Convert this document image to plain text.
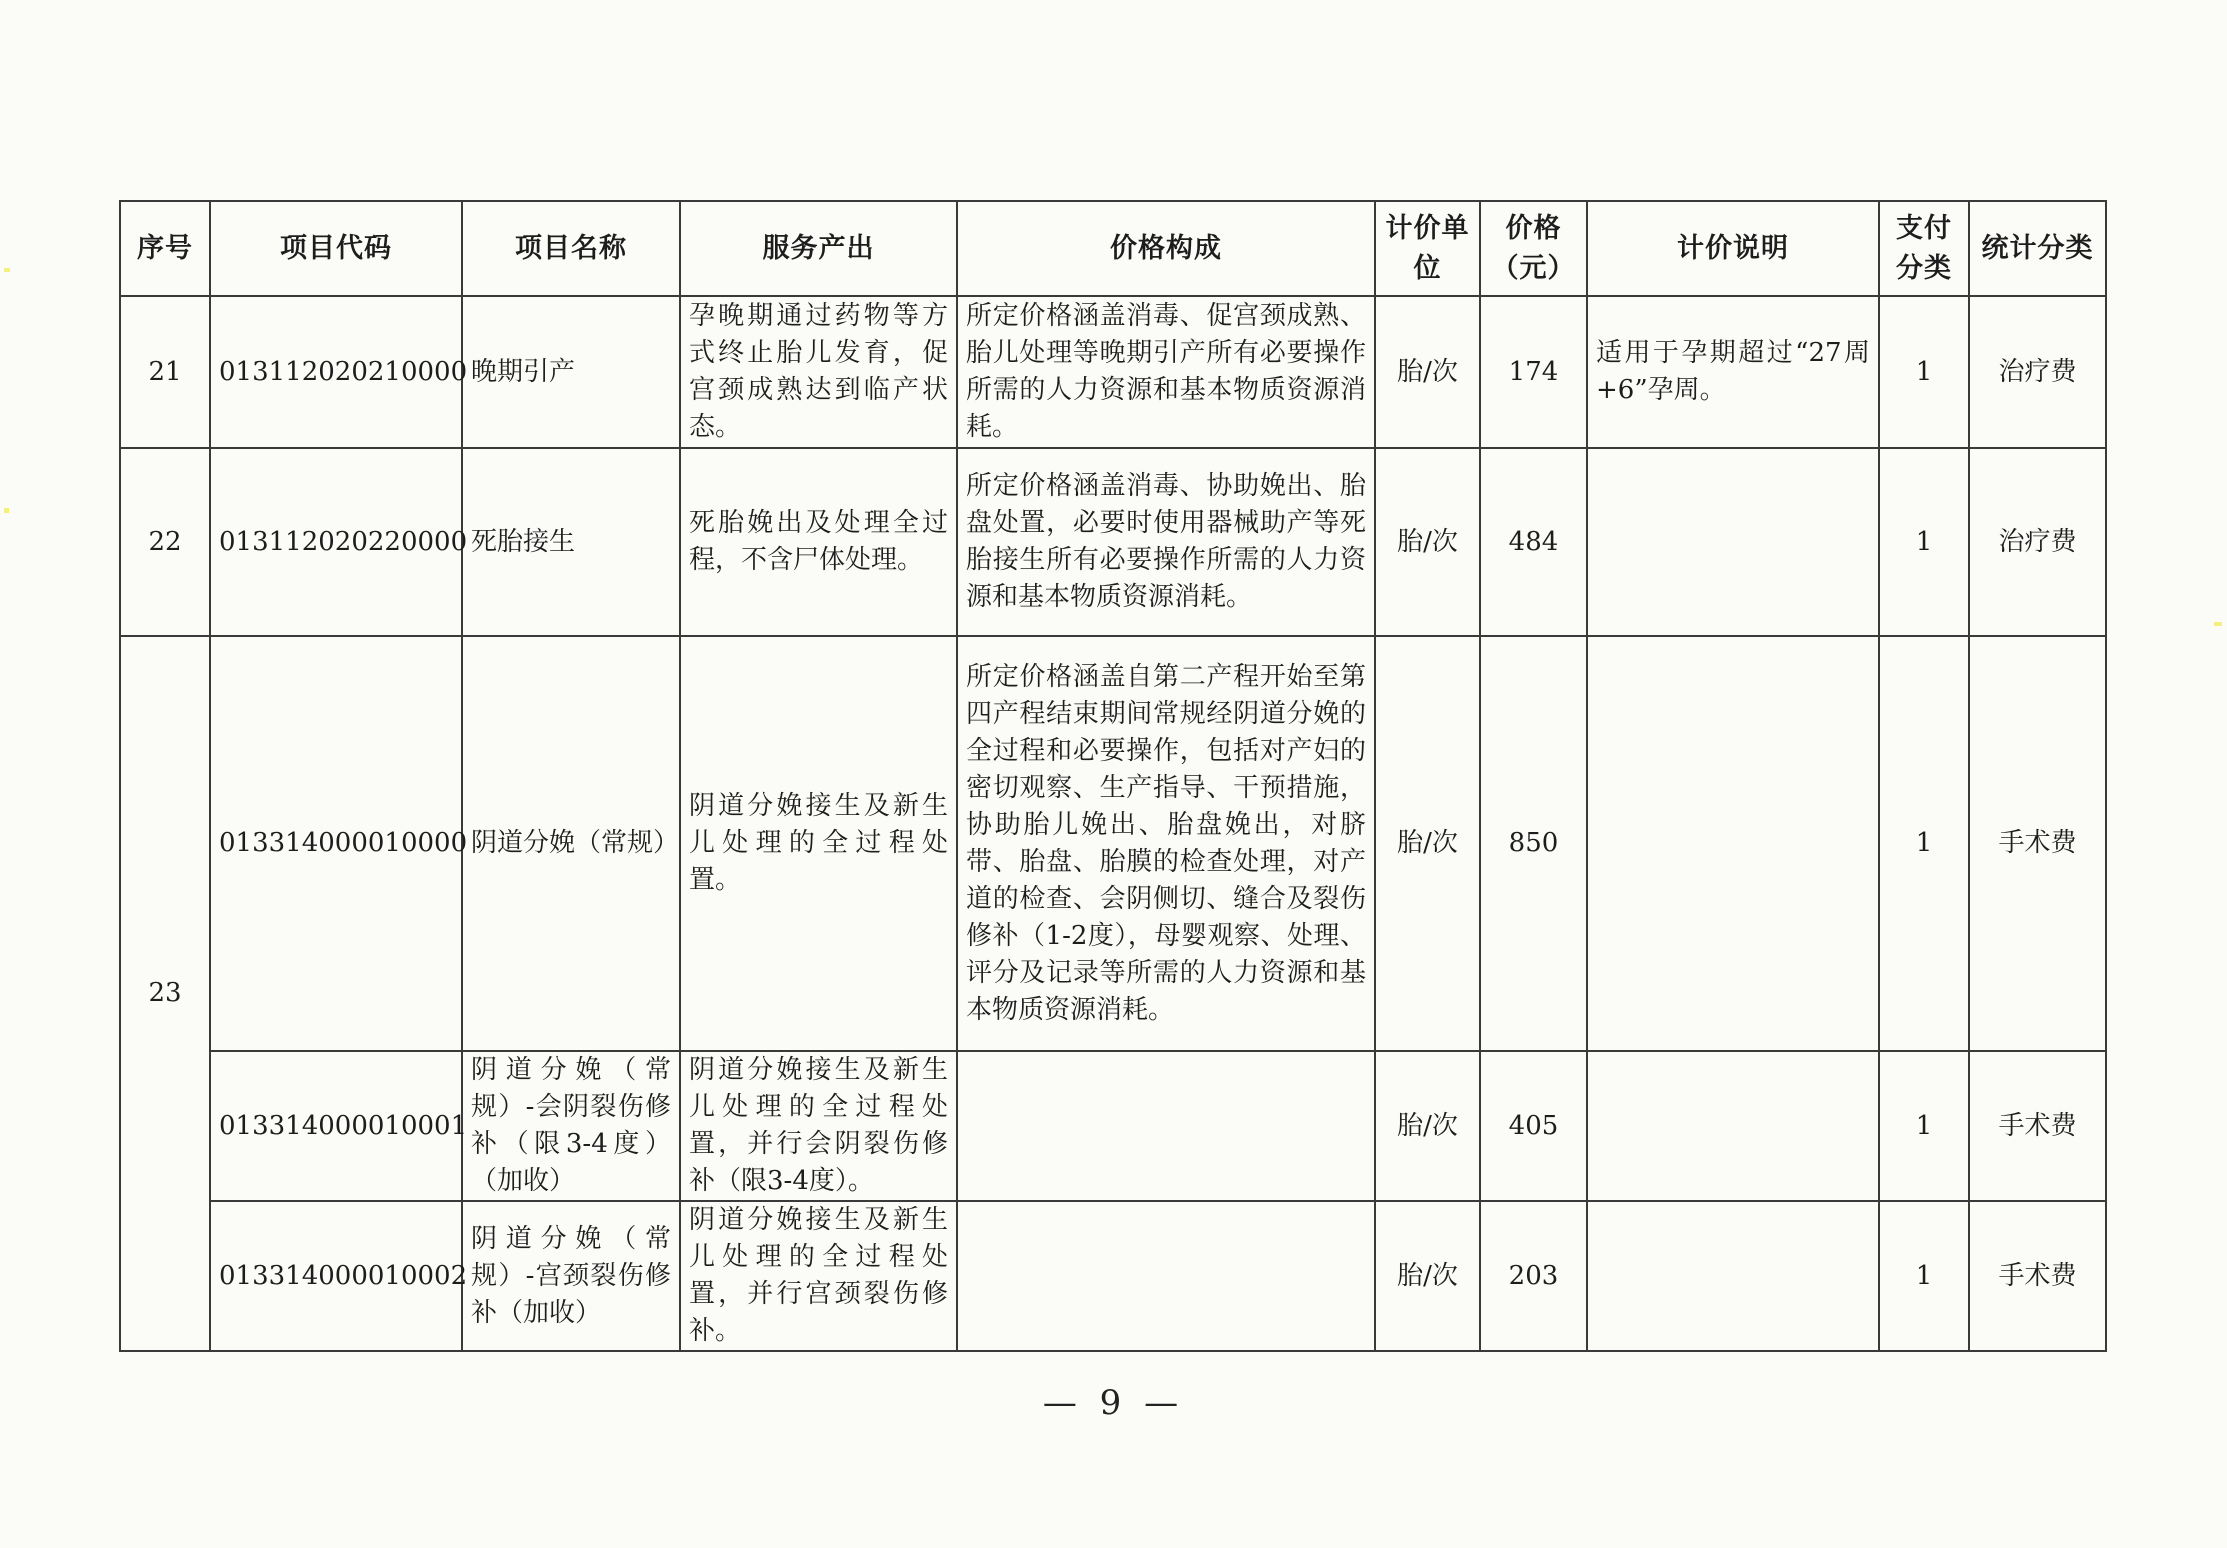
序号	项目代码	项目名称	服务产出	价格构成	计价单位	价格（元）	计价说明	支付分类	统计分类
21	013112020210000	晚期引产	孕晚期通过药物等方式终止胎儿发育，促宫颈成熟达到临产状态。	所定价格涵盖消毒、促宫颈成熟、胎儿处理等晚期引产所有必要操作所需的人力资源和基本物质资源消耗。	胎/次	174	适用于孕期超过“27周+6”孕周。	1	治疗费
22	013112020220000	死胎接生	死胎娩出及处理全过程，不含尸体处理。	所定价格涵盖消毒、协助娩出、胎盘处置，必要时使用器械助产等死胎接生所有必要操作所需的人力资源和基本物质资源消耗。	胎/次	484		1	治疗费
23	013314000010000	阴道分娩（常规）	阴道分娩接生及新生儿处理的全过程处置。	所定价格涵盖自第二产程开始至第四产程结束期间常规经阴道分娩的全过程和必要操作，包括对产妇的密切观察、生产指导、干预措施，协助胎儿娩出、胎盘娩出，对脐带、胎盘、胎膜的检查处理，对产道的检查、会阴侧切、缝合及裂伤修补（1-2度），母婴观察、处理、评分及记录等所需的人力资源和基本物质资源消耗。	胎/次	850		1	手术费
	013314000010001	阴道分娩（常规）-会阴裂伤修补（限3-4度）（加收）	阴道分娩接生及新生儿处理的全过程处置，并行会阴裂伤修补（限3-4度）。		胎/次	405		1	手术费
	013314000010002	阴道分娩（常规）-宫颈裂伤修补（加收）	阴道分娩接生及新生儿处理的全过程处置，并行宫颈裂伤修补。		胎/次	203		1	手术费
— 9 —
